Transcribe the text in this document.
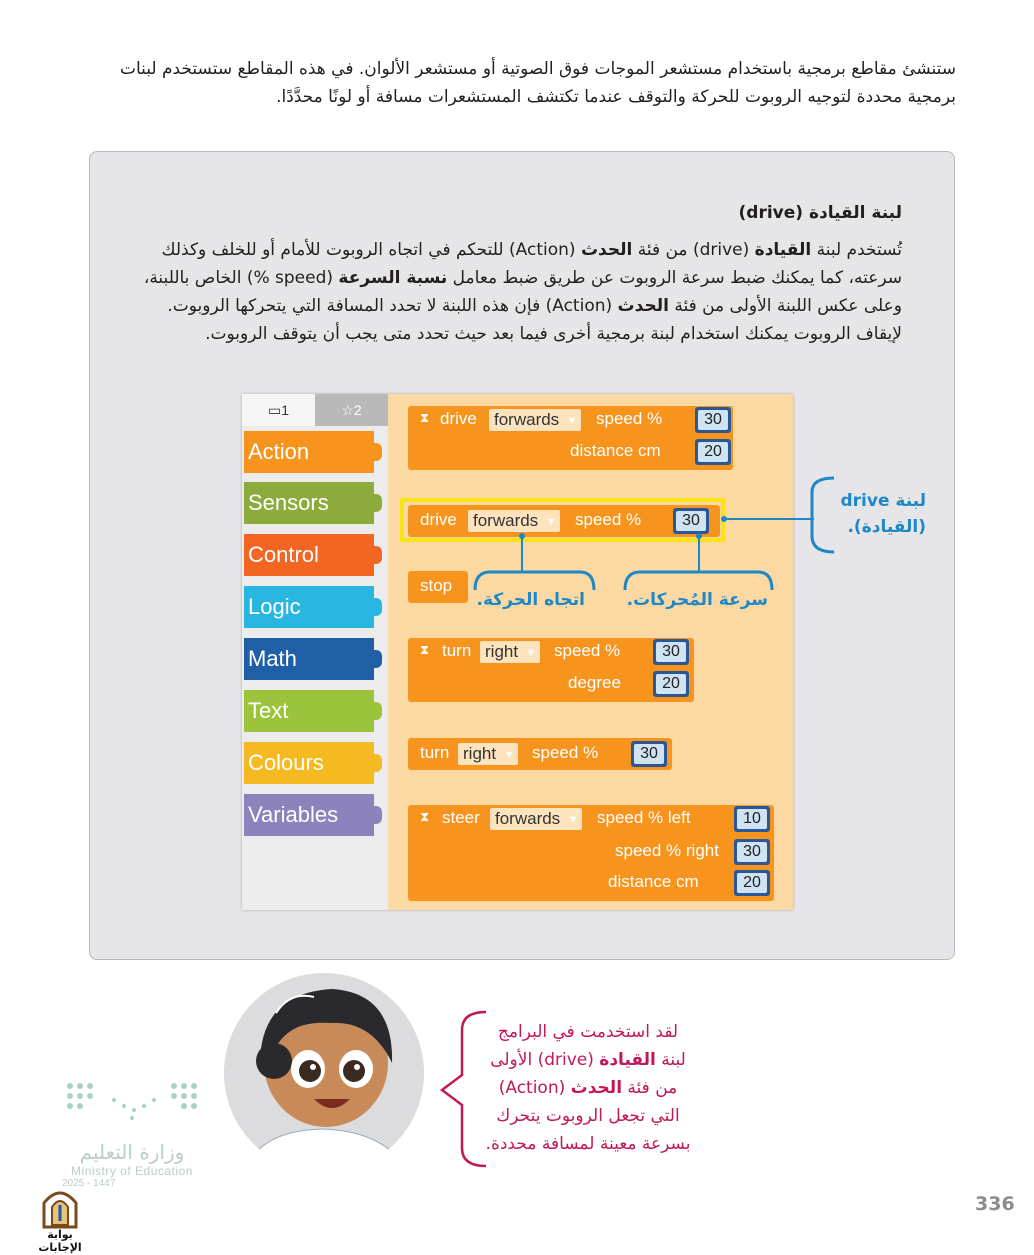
ستنشئ مقاطع برمجية باستخدام مستشعر الموجات فوق الصوتية أو مستشعر الألوان. في هذه المقاطع ستستخدم لبنات برمجية محددة لتوجيه الروبوت للحركة والتوقف عندما تكتشف المستشعرات مسافة أو لونًا محدَّدًا.
لبنة القيادة (drive)
تُستخدم لبنة القيادة (drive) من فئة الحدث (Action) للتحكم في اتجاه الروبوت للأمام أو للخلف وكذلك سرعته، كما يمكنك ضبط سرعة الروبوت عن طريق ضبط معامل نسبة السرعة (speed %) الخاص باللبنة، وعلى عكس اللبنة الأولى من فئة الحدث (Action) فإن هذه اللبنة لا تحدد المسافة التي يتحركها الروبوت. لإيقاف الروبوت يمكنك استخدام لبنة برمجية أخرى فيما بعد حيث تحدد متى يجب أن يتوقف الروبوت.
▭1	☆2
Action
Sensors
Control
Logic
Math
Text
Colours
Variables
⧗ drive forwards ▾	speed %	30
distance cm	20
drive forwards ▾	speed %	30
stop
⧗ turn right ▾	speed %	30
degree	20
turn right ▾	speed %	30
⧗ steer forwards ▾	speed % left	10
speed % right	30
distance cm	20
لبنة drive (القيادة).
اتجاه الحركة.	سرعة المُحركات.
لقد استخدمت في البرامج
لبنة القيادة (drive) الأولى
من فئة الحدث (Action)
التي تجعل الروبوت يتحرك
بسرعة معينة لمسافة محددة.
وزارة التعليم
Ministry of Education
2025 - 1447
بوابة الإجابات
336
